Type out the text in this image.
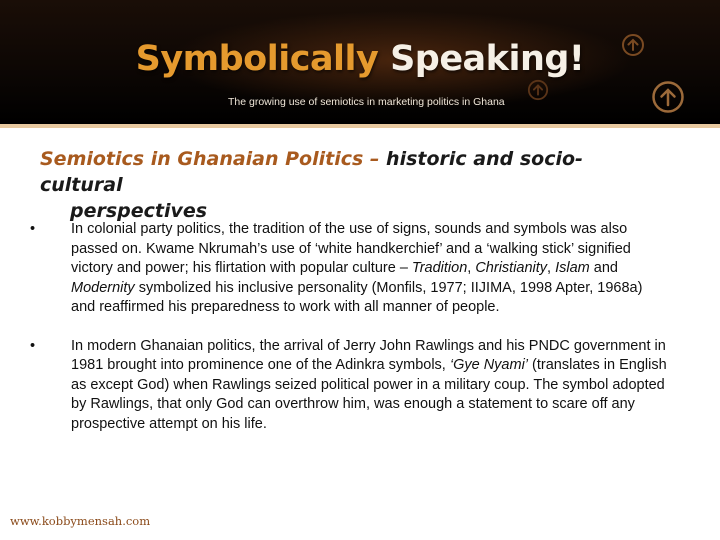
Symbolically Speaking!

The growing use of semiotics in marketing politics in Ghana

Semiotics in Ghanaian Politics – historic and socio-cultural
perspectives
• In colonial party politics, the tradition of the use of signs, sounds and symbols was also passed on. Kwame Nkrumah’s use of ‘white handkerchief’ and a ‘walking stick’ signified victory and power; his flirtation with popular culture – Tradition, Christianity, Islam and Modernity symbolized his inclusive personality (Monfils, 1977; IIJIMA, 1998 Apter, 1968a) and reaffirmed his preparedness to work with all manner of people.
• In modern Ghanaian politics, the arrival of Jerry John Rawlings and his PNDC government in 1981 brought into prominence one of the Adinkra symbols, ‘Gye Nyami’ (translates in English as except God) when Rawlings seized political power in a military coup. The symbol adopted by Rawlings, that only God can overthrow him, was enough a statement to scare off any prospective attempt on his life.
www.kobbymensah.com
